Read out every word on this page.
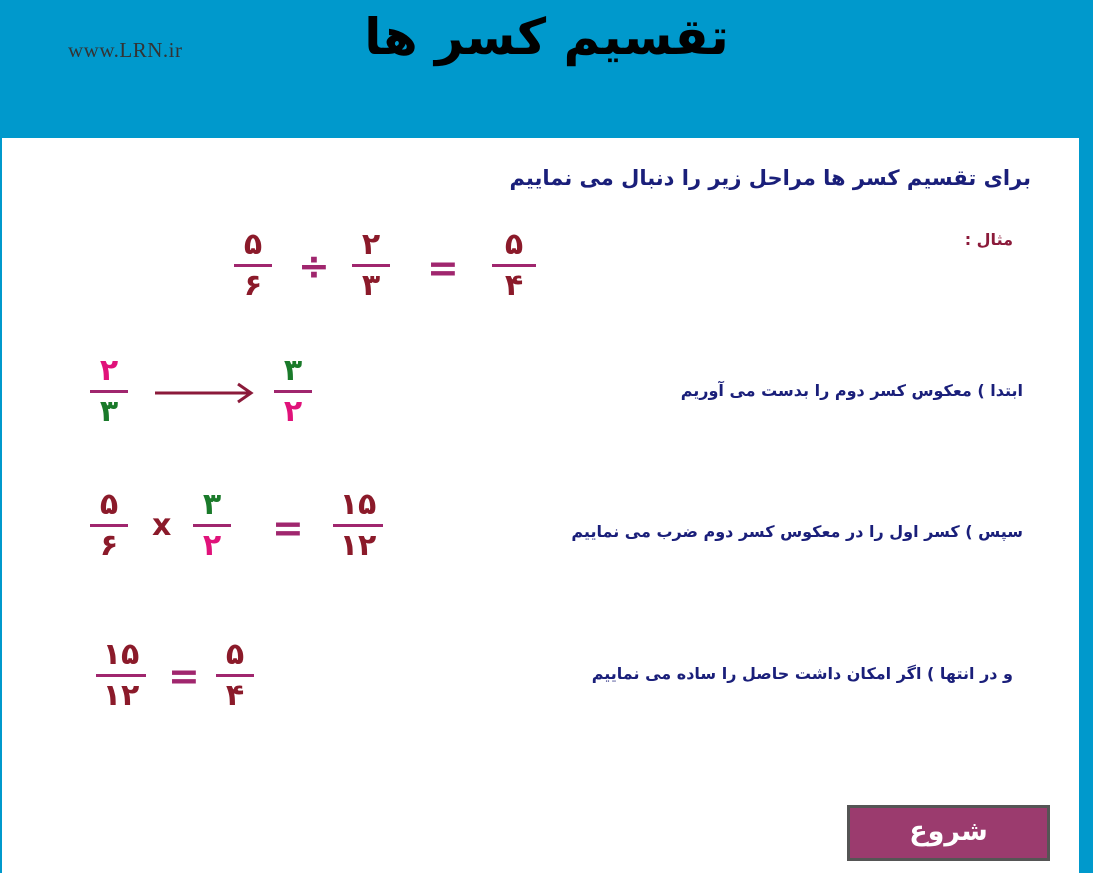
www.LRN.ir	تقسیم کسر ها
برای تقسیم کسر ها مراحل زیر را دنبال می نماییم
مثال :
۵
۶ ÷	۲
۳	=
۵
۴
۲
۳
۳
۲
ابتدا ) معکوس کسر دوم را بدست می آوریم
۵
۶
x
۳
۲	=
۱۵
۱۲	سپس ) کسر اول را در معکوس کسر دوم ضرب می نماییم
۱۵
۱۲ = ۵
۴
و در انتها ) اگر امکان داشت حاصل را ساده می نماییم
شروع
